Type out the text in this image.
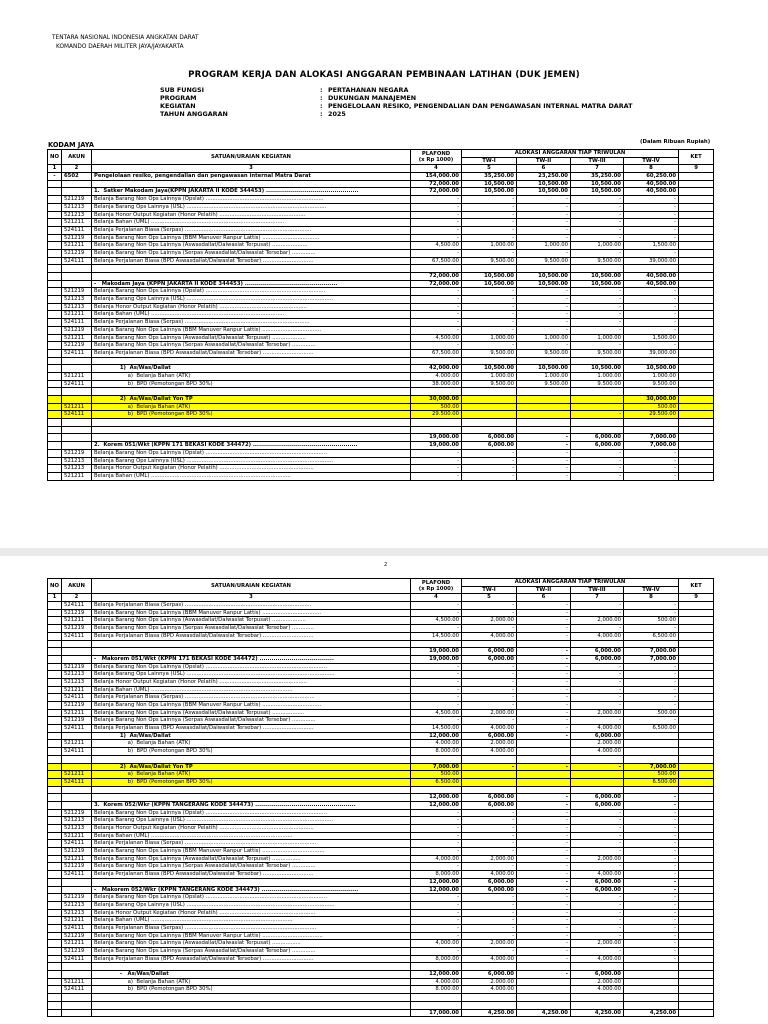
TENTARA NASIONAL INDONESIA ANGKATAN DARAT
KOMANDO DAERAH MILITER JAYA/JAYAKARTA
PROGRAM KERJA DAN ALOKASI ANGGARAN PEMBINAAN LATIHAN (DUK JEMEN)
SUB FUNGSI	: PERTAHANAN NEGARA
PROGRAM	: DUKUNGAN MANAJEMEN
KEGIATAN	: PENGELOLAAN RESIKO, PENGENDALIAN DAN PENGAWASAN INTERNAL MATRA DARAT
TAHUN ANGGARAN	: 2025
KODAM JAYA	(Dalam Ribuan Rupiah)
NO	AKUN	SATUAN/URAIAN KEGIATAN	PLAFOND
(x Rp 1000)	ALOKASI ANGGARAN TIAP TRIWULAN				KET
				TW-I	TW-II	TW-III	TW-IV	
1	2	3	4	5	6	7	8	9
-	6502	Pengelolaan resiko, pengendalian dan pengawasan internal Matra Darat	154,000.00	35,250.00	23,250.00	35,250.00	60,250.00	
			72,000.00	10,500.00	10,500.00	10,500.00	40,500.00	
		1.  Satker Makodam Jaya(KPPN JAKARTA II KODE 344453) ..............................................	72,000.00	10,500.00	10,500.00	10,500.00	40,500.00	
	521219	Belanja Barang Non Ops Lainnya (Opslat) ......................................................................	-	-	-	-	-	
	521213	Belanja Barang Ops Lainnya (USL) ...................................................................................	-	-	-	-	-	
	521213	Belanja Honor Output Kegiatan (Honor Pelatih) ...................................................	-	-	-	-	-	
	521211	Belanja Bahan (UML) ...............................................................................	-	-	-	-	-	
	524111	Belanja Perjalanan Biasa (Serpas) ...........................................................................	-	-	-	-	-	
	521219	Belanja Barang Non Ops Lainnya (BBM Manuver Ranpur Lattis) ..................................	-	-	-	-	-	
	521211	Belanja Barang Non Ops Lainnya (Aswasdallat/Dalwaslat Terpusat) .....................	4,500.00	1,000.00	1,000.00	1,000.00	1,500.00	
	521219	Belanja Barang Non Ops Lainnya (Serpas Aswasdallat/Dalwaslat Tersebar) ..............	-	-	-	-	-	
	524111	Belanja Perjalanan Biasa (BPD Aswasdallat/Dalwaslat Tersebar) ..............................	67,500.00	9,500.00	9,500.00	9,500.00	39,000.00	

			72,000.00	10,500.00	10,500.00	10,500.00	40,500.00	
		-   Makodam Jaya (KPPN JAKARTA II KODE 344453) ..............................................	72,000.00	10,500.00	10,500.00	10,500.00	40,500.00	
	521219	Belanja Barang Non Ops Lainnya (Opslat) .......................................................................	-	-	-	-	-	
	521213	Belanja Barang Ops Lainnya (USL) .......................................................................................	-	-	-	-	-	
	521213	Belanja Honor Output Kegiatan (Honor Pelatih) ....................................................	-	-	-	-	-	
	521211	Belanja Bahan (UML) ...............................................................................	-	-	-	-	-	
	524111	Belanja Perjalanan Biasa (Serpas) ..........................................................................	-	-	-	-	-	
	521219	Belanja Barang Non Ops Lainnya (BBM Manuver Ranpur Lattis) ...................................	-	-	-	-	-	
	521211	Belanja Barang Non Ops Lainnya (Aswasdallat/Dalwaslat Terpusat) ....................	4,500.00	1,000.00	1,000.00	1,000.00	1,500.00	
	521219	Belanja Barang Non Ops Lainnya (Serpas Aswasdallat/Dalwaslat Tersebar) ..............	-	-	-	-	-	
	524111	Belanja Perjalanan Biasa (BPD Aswasdallat/Dalwaslat Tersebar) ..............................	67,500.00	9,500.00	9,500.00	9,500.00	39,000.00	

		1)  As/Was/Dallat	42,000.00	10,500.00	10,500.00	10,500.00	10,500.00	
	521211	a)  Belanja Bahan (ATK)	4.000.00	1.000.00	1.000.00	1.000.00	1.000.00	
	524111	b)  BPD (Pemotongan BPD 30%)	38.000.00	9.500.00	9.500.00	9.500.00	9.500.00	

		2)  As/Was/Dallat Yon TP	30,000.00				30,000.00	
	521211	a)  Belanja Bahan (ATK)	500.00				500.00	
	524111	b)  BPD (Pemotongan BPD 30%)	29.500.00			-	29.500.00	

			19,000.00	6,000.00	-	6,000.00	7,000.00	
		2.  Korem 051/Wkt (KPPN 171 BEKASI KODE 344472) ....................................................	19,000.00	6,000.00	-	6,000.00	7,000.00	
	521219	Belanja Barang Non Ops Lainnya (Opslat) ........................................................................	-	-	-	-	-	
	521213	Belanja Barang Ops Lainnya (USL) .......................................................................................	-	-	-	-	-	
	521213	Belanja Honor Output Kegiatan (Honor Pelatih) ........................................................	-	-	-	-	-	
	521211	Belanja Bahan (UML) ...................................................................................	-	-	-	-	-	
2
NO	AKUN	SATUAN/URAIAN KEGIATAN	PLAFOND
(x Rp 1000)	ALOKASI ANGGARAN TIAP TRIWULAN				KET
				TW-I	TW-II	TW-III	TW-IV	
1	2	3	4	5	6	7	8	9
	524111	Belanja Perjalanan Biasa (Serpas) ...........................................................................	-	-	-	-	-	
	521219	Belanja Barang Non Ops Lainnya (BBM Manuver Ranpur Lattis) ...................................	-	-	-	-	-	
	521211	Belanja Barang Non Ops Lainnya (Aswasdallat/Dalwaslat Terpusat) ....................	4,500.00	2,000.00	-	2,000.00	500.00	
	521219	Belanja Barang Non Ops Lainnya (Serpas Aswasdallat/Dalwaslat Tersebar) .............	-	-	-	-	-	
	524111	Belanja Perjalanan Biasa (BPD Aswasdallat/Dalwaslat Tersebar) ..............................	14,500.00	4,000.00	-	4,000.00	6,500.00	

			19,000.00	6,000.00	-	6,000.00	7,000.00	
		-   Makorem 051/Wkt (KPPN 171 BEKASI KODE 344472) .....................................	19,000.00	6,000.00	-	6,000.00	7,000.00	
	521219	Belanja Barang Non Ops Lainnya (Opslat) ........................................................................	-	-	-	-	-	
	521213	Belanja Barang Ops Lainnya (USL) ........................................................................................	-	-	-	-	-	
	521213	Belanja Honor Output Kegiatan (Honor Pelatih) ....................................................	-	-	-	-	-	
	521211	Belanja Bahan (UML) ....................................................................................	-	-	-	-	-	
	524111	Belanja Perjalanan Biasa (Serpas) .............................................................................	-	-	-	-	-	
	521219	Belanja Barang Non Ops Lainnya (BBM Manuver Ranpur Lattis) ...................................	-	-	-	-	-	
	521211	Belanja Barang Non Ops Lainnya (Aswasdallat/Dalwaslat Terpusat) ...................	4,500.00	2,000.00	-	2,000.00	500.00	
	521219	Belanja Barang Non Ops Lainnya (Serpas Aswasdallat/Dalwaslat Tersebar) ..............	-	-	-	-	-	
	524111	Belanja Perjalanan Biasa (BPD Aswasdallat/Dalwaslat Tersebar) ..............................	14,500.00	4,000.00	-	4,000.00	6,500.00	
		1)  As/Was/Dallat	12,000.00	6,000.00	-	6,000.00		
	521211	a)  Belanja Bahan (ATK)	4.000.00	2.000.00		2.000.00		
	524111	b)  BPD (Pemotongan BPD 30%)	8.000.00	4.000.00		4.000.00		

		2)  As/Was/Dallat Yon TP	7,000.00	-	-	-	7,000.00	
	521211	a)  Belanja Bahan (ATK)	500.00				500.00	
	524111	b)  BPD (Pemotongan BPD 30%)	6.500.00				6.500.00	

			12,000.00	6,000.00	-	6,000.00	-	
		3.  Korem 052/Wkr (KPPN TANGERANG KODE 344473) ..................................................	12,000.00	6,000.00	-	6,000.00	-	
	521219	Belanja Barang Non Ops Lainnya (Opslat) ........................................................................	-	-	-	-	-	
	521213	Belanja Barang Ops Lainnya (USL) .......................................................................................	-	-	-	-	-	
	521213	Belanja Honor Output Kegiatan (Honor Pelatih) ........................................................	-	-	-	-	-	
	521211	Belanja Bahan (UML) ....................................................................................	-	-	-	-	-	
	524111	Belanja Perjalanan Biasa (Serpas) ..............................................................................	-	-	-	-	-	
	521219	Belanja Barang Non Ops Lainnya (BBM Manuver Ranpur Lattis) .....................................	-	-	-	-	-	
	521211	Belanja Barang Non Ops Lainnya (Aswasdallat/Dalwaslat Terpusat) .................	4,000.00	2,000.00	-	2,000.00	-	
	521219	Belanja Barang Non Ops Lainnya (Serpas Aswasdallat/Dalwaslat Tersebar) ..............	-	-	-	-	-	
	524111	Belanja Perjalanan Biasa (BPD Aswasdallat/Dalwaslat Tersebar) ..............................	8,000.00	4,000.00	-	4,000.00	-	
			12,000.00	6,000.00	-	6,000.00	-	
		-   Makorem 052/Wkr (KPPN TANGERANG KODE 344473) ................................................	12,000.00	6,000.00	-	6,000.00	-	
	521219	Belanja Barang Non Ops Lainnya (Opslat) ........................................................................	-	-	-	-	-	
	521213	Belanja Barang Ops Lainnya (USL) ........................................................................................	-	-	-	-	-	
	521213	Belanja Honor Output Kegiatan (Honor Pelatih) .........................................................	-	-	-	-	-	
	521211	Belanja Bahan (UML) ....................................................................................	-	-	-	-	-	
	524111	Belanja Perjalanan Biasa (Serpas) ..............................................................................	-	-	-	-	-	
	521219	Belanja Barang Non Ops Lainnya (BBM Manuver Ranpur Lattis) ....................................	-	-	-	-	-	
	521211	Belanja Barang Non Ops Lainnya (Aswasdallat/Dalwaslat Terpusat) .................	4,000.00	2,000.00	-	2,000.00	-	
	521219	Belanja Barang Non Ops Lainnya (Serpas Aswasdallat/Dalwaslat Tersebar) ..............	-	-	-	-	-	
	524111	Belanja Perjalanan Biasa (BPD Aswasdallat/Dalwaslat Tersebar) ..............................	8,000.00	4,000.00	-	4,000.00	-	

		-   As/Was/Dallat	12,000.00	6,000.00	-	6,000.00		
	521211	a)  Belanja Bahan (ATK)	4.000.00	2.000.00		2.000.00		
	524111	b)  BPD (Pemotongan BPD 30%)	8.000.00	4.000.00		4.000.00		

			17,000.00	4,250.00	4,250.00	4,250.00	4,250.00	
